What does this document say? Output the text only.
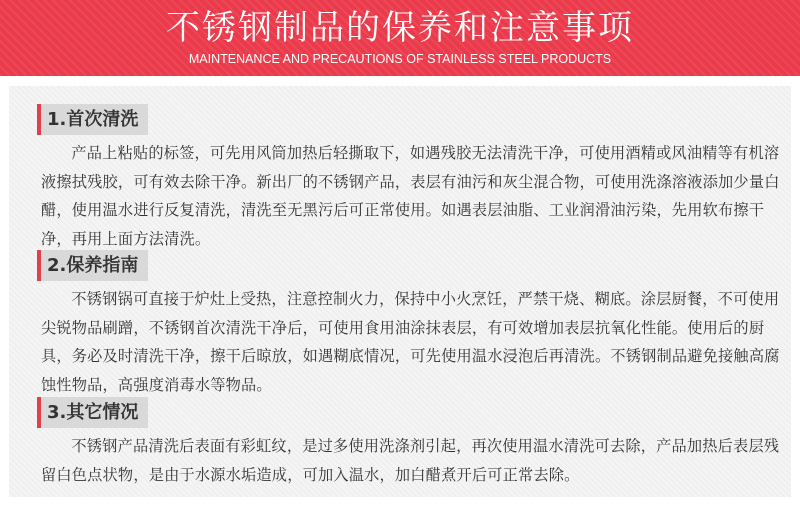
不锈钢制品的保养和注意事项
MAINTENANCE AND PRECAUTIONS OF STAINLESS STEEL PRODUCTS
1.首次清洗

产品上粘贴的标签，可先用风筒加热后轻撕取下，如遇残胶无法清洗干净，可使用酒精或风油精等有机溶液擦拭残胶，可有效去除干净。新出厂的不锈钢产品，表层有油污和灰尘混合物，可使用洗涤溶液添加少量白醋，使用温水进行反复清洗，清洗至无黑污后可正常使用。如遇表层油脂、工业润滑油污染，先用软布擦干净，再用上面方法清洗。

2.保养指南

不锈钢锅可直接于炉灶上受热，注意控制火力，保持中小火烹饪，严禁干烧、糊底。涂层厨餐，不可使用尖锐物品刷蹭，不锈钢首次清洗干净后，可使用食用油涂抹表层，有可效增加表层抗氧化性能。使用后的厨具，务必及时清洗干净，擦干后晾放，如遇糊底情况，可先使用温水浸泡后再清洗。不锈钢制品避免接触高腐蚀性物品，高强度消毒水等物品。

3.其它情况

不锈钢产品清洗后表面有彩虹纹，是过多使用洗涤剂引起，再次使用温水清洗可去除，产品加热后表层残留白色点状物，是由于水源水垢造成，可加入温水，加白醋煮开后可正常去除。
